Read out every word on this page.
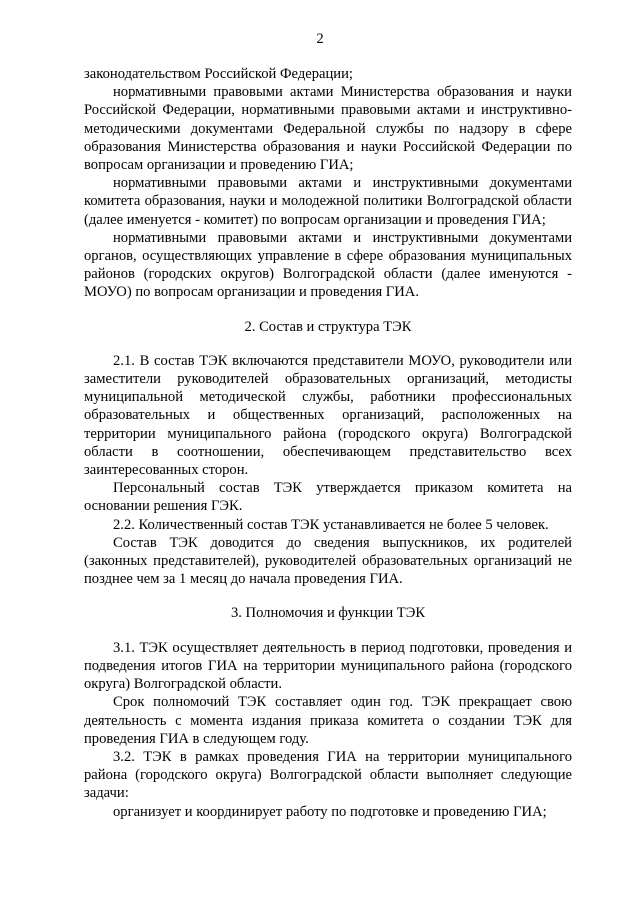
2

законодательством Российской Федерации;

нормативными правовыми актами Министерства образования и науки Российской Федерации, нормативными правовыми актами и инструктивно-методическими документами Федеральной службы по надзору в сфере образования Министерства образования и науки Российской Федерации по вопросам организации и проведению ГИА;

нормативными правовыми актами и инструктивными документами комитета образования, науки и молодежной политики Волгоградской области (далее именуется - комитет) по вопросам организации и проведения ГИА;

нормативными правовыми актами и инструктивными документами органов, осуществляющих управление в сфере образования муниципальных районов (городских округов) Волгоградской области (далее именуются - МОУО) по вопросам организации и проведения ГИА.

2. Состав и структура ТЭК

2.1. В состав ТЭК включаются представители МОУО, руководители или заместители руководителей образовательных организаций, методисты муниципальной методической службы, работники профессиональных образовательных и общественных организаций, расположенных на территории муниципального района (городского округа) Волгоградской области в соотношении, обеспечивающем представительство всех заинтересованных сторон.

Персональный состав ТЭК утверждается приказом комитета на основании решения ГЭК.

2.2. Количественный состав ТЭК устанавливается не более 5 человек.

Состав ТЭК доводится до сведения выпускников, их родителей (законных представителей), руководителей образовательных организаций не позднее чем за 1 месяц до начала проведения ГИА.

3. Полномочия и функции ТЭК

3.1. ТЭК осуществляет деятельность в период подготовки, проведения и подведения итогов ГИА на территории муниципального района (городского округа) Волгоградской области.

Срок полномочий ТЭК составляет один год. ТЭК прекращает свою деятельность с момента издания приказа комитета о создании ТЭК для проведения ГИА в следующем году.

3.2. ТЭК в рамках проведения ГИА на территории муниципального района (городского округа) Волгоградской области выполняет следующие задачи:

организует и координирует работу по подготовке и проведению ГИА;
